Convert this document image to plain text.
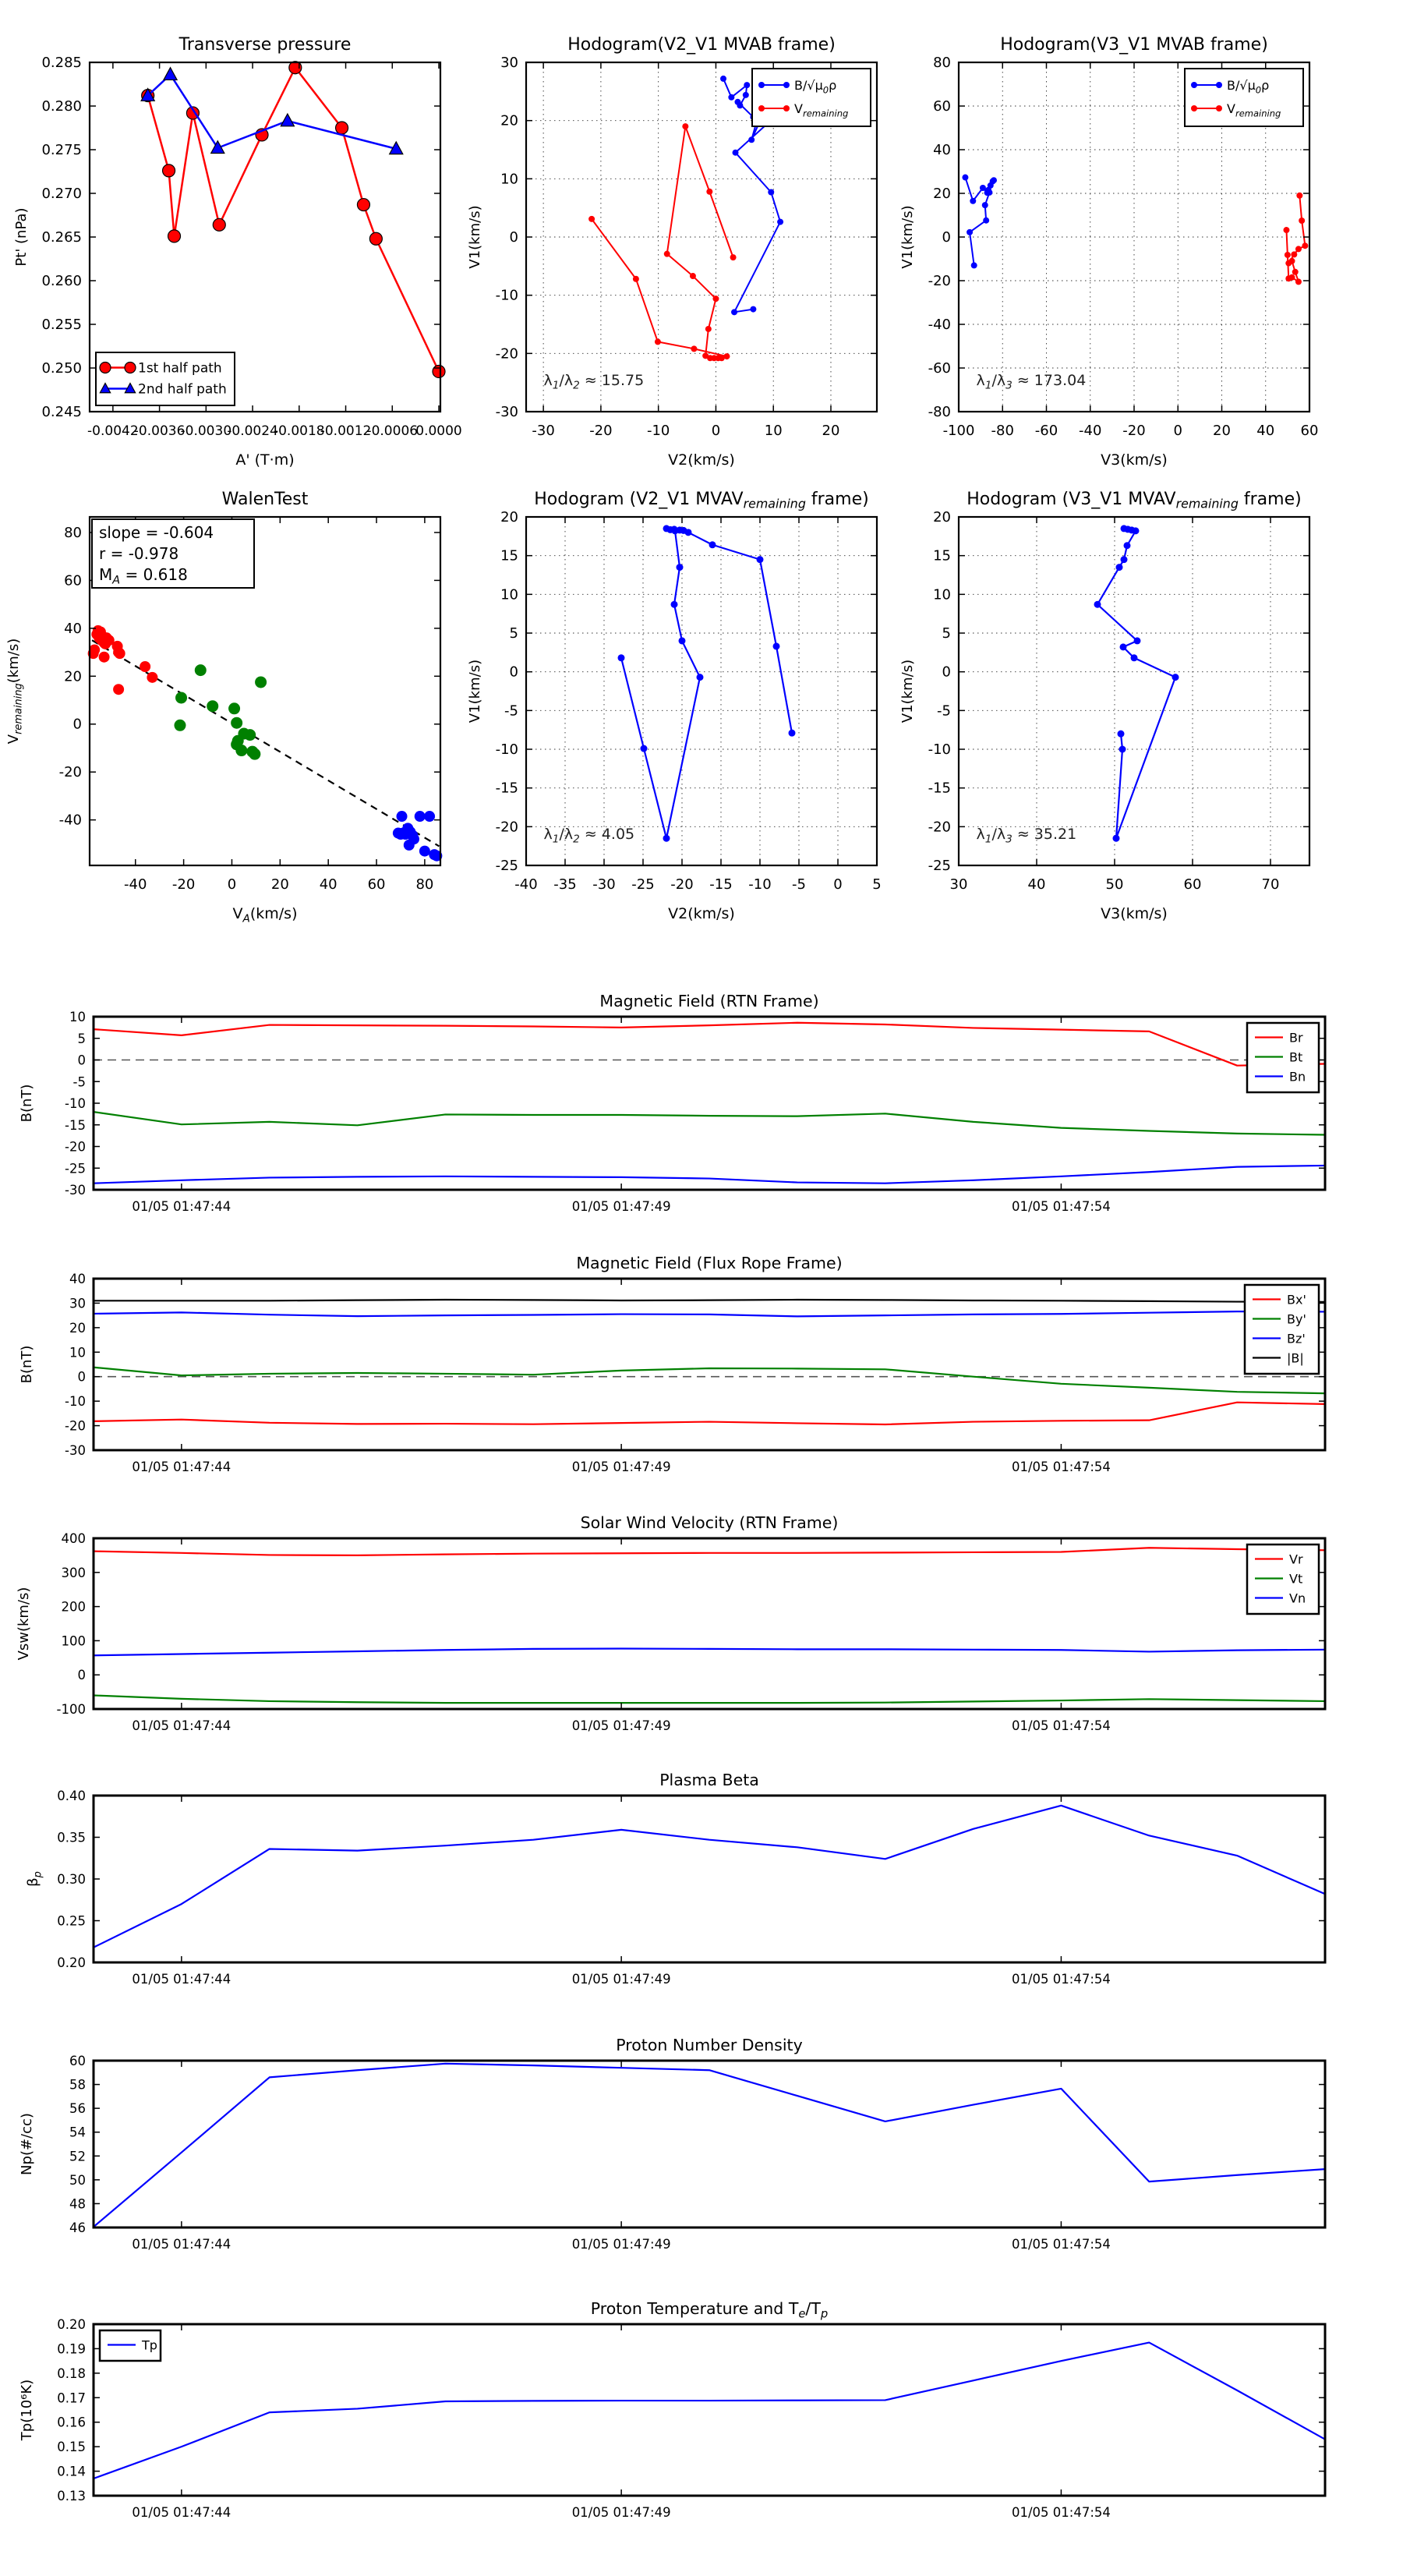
-0.0042
-0.0036
-0.0030
-0.0024
-0.0018
-0.0012
-0.0006
0.0000
0.245
0.250
0.255
0.260
0.265
0.270
0.275
0.280
0.285
Transverse pressure
A' (T·m)
Pt' (nPa)
1st half path
2nd half path
-30 -20 -10	0	10	20
-30
-20
-10
0
10
20
30
Hodogram(V2_V1 MVAB frame)
V2(km/s)
V1(km/s)
$\lambda_1/\lambda_2 \approx 15.75$
$B/√\mu_0\rho$
$V_{remaining}$
-100 -80 -60 -40 -20 0 20 40 60
-80
-60
-40
-20
0
20
40
60
80
Hodogram(V3_V1 MVAB frame)
V3(km/s)
V1(km/s)
$\lambda_1/\lambda_3 \approx 173.04$
$B/√\mu_0\rho$
$V_{remaining}$
-40 -20 0 20 40 60 80
-40
-20
0
20
40
60
80
WalenTest
$V_A(km/s)$
$V_{remaining}(km/s)$
slope = -0.604
r = -0.978
$M_A = 0.618$
-40 -35 -30 -25 -20 -15 -10 -5 0 5
-25
-20
-15
-10
-5
0
5
10
15
20
Hodogram (V2_V1 $MVAV_{remaining}$ frame)
V2(km/s)
V1(km/s)
$\lambda_1/\lambda_2 \approx 4.05$
30	40	50	60	70
-25
-20
-15
-10
-5
0
5
10
15
20
Hodogram (V3_V1 $MVAV_{remaining}$ frame)
V3(km/s)
V1(km/s)
$\lambda_1/\lambda_3 \approx 35.21$
01/05 01:47:44	01/05 01:47:49	01/05 01:47:54
-30
-25
-20
-15
-10
-5
0
5
10
Magnetic Field (RTN Frame)
B(nT)
Br
Bt
Bn
01/05 01:47:44	01/05 01:47:49	01/05 01:47:54
-30
-20
-10
0
10
20
30
40
Magnetic Field (Flux Rope Frame)
B(nT)
Bx'
By'
Bz'
|B|
01/05 01:47:44	01/05 01:47:49	01/05 01:47:54
-100
0
100
200
300
400
Solar Wind Velocity (RTN Frame)
Vsw(km/s)
Vr
Vt
Vn
01/05 01:47:44	01/05 01:47:49	01/05 01:47:54
0.20
0.25
0.30
0.35
0.40
Plasma Beta
$\beta_p$
01/05 01:47:44	01/05 01:47:49	01/05 01:47:54
46
48
50
52
54
56
58
60
Proton Number Density
Np(#/cc)
01/05 01:47:44	01/05 01:47:49	01/05 01:47:54
0.13
0.14
0.15
0.16
0.17
0.18
0.19
0.20
Proton Temperature and $T_e/T_p$
Tp(10⁶K)
Tp
